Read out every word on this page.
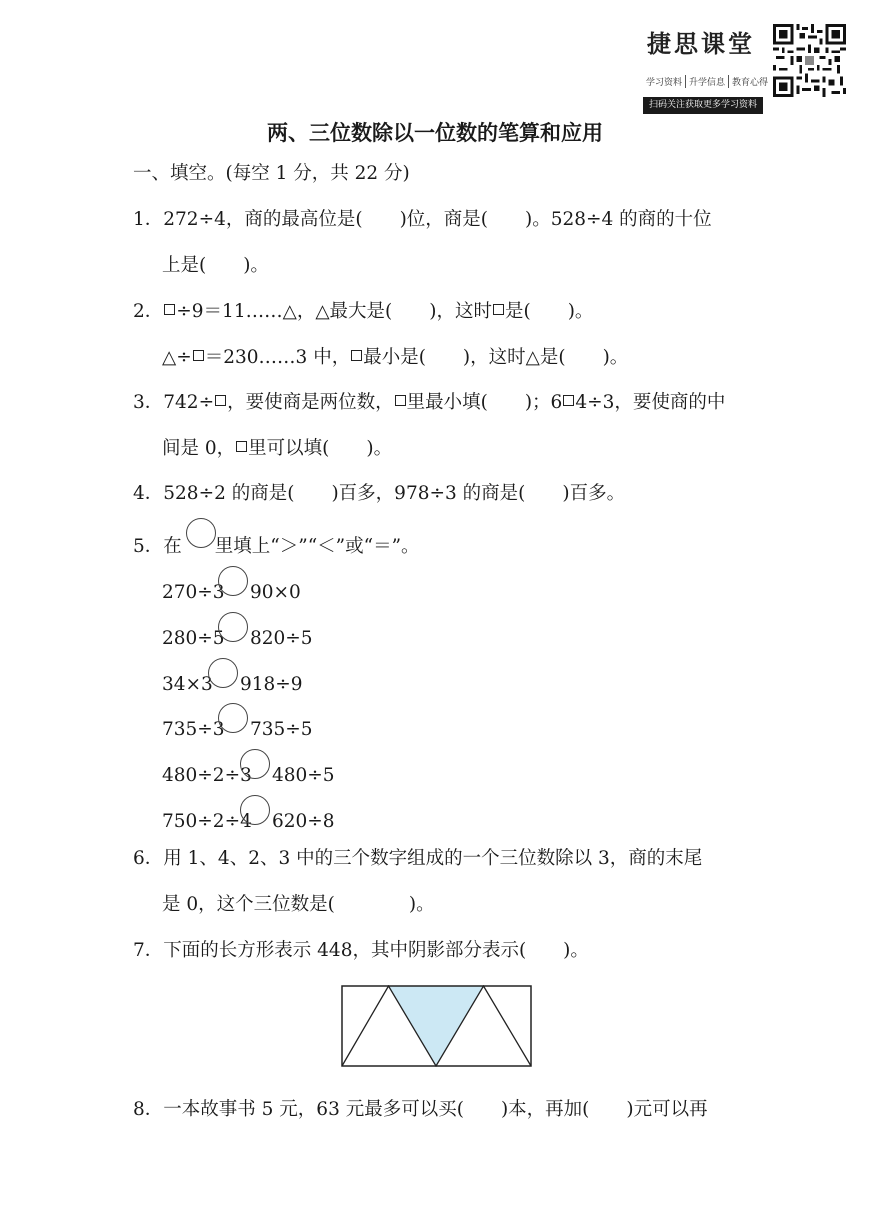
捷思课堂
学习资料 升学信息 教育心得
扫码关注获取更多学习资料
两、三位数除以一位数的笔算和应用
一、填空。(每空 1 分，共 22 分)
1．272÷4，商的最高位是(　　)位，商是(　　)。528÷4 的商的十位
上是(　　)。
2． ÷9＝11……△，△最大是(　　)，这时 是(　　)。
△÷ ＝230……3 中， 最小是(　　)，这时△是(　　)。
3．742÷ ，要使商是两位数， 里最小填(　　)；6 4÷3，要使商的中
间是 0， 里可以填(　　)。
4．528÷2 的商是(　　)百多，978÷3 的商是(　　)百多。
5．在 里填上“＞”“＜”或“＝”。
270÷3 90×0
280÷5 820÷5
34×3 918÷9
735÷3 735÷5
480÷2÷3 480÷5
750÷2÷4 620÷8
6．用 1、4、2、3 中的三个数字组成的一个三位数除以 3，商的末尾
是 0，这个三位数是(　　　　)。
7．下面的长方形表示 448，其中阴影部分表示(　　)。
8．一本故事书 5 元，63 元最多可以买(　　)本，再加(　　)元可以再
